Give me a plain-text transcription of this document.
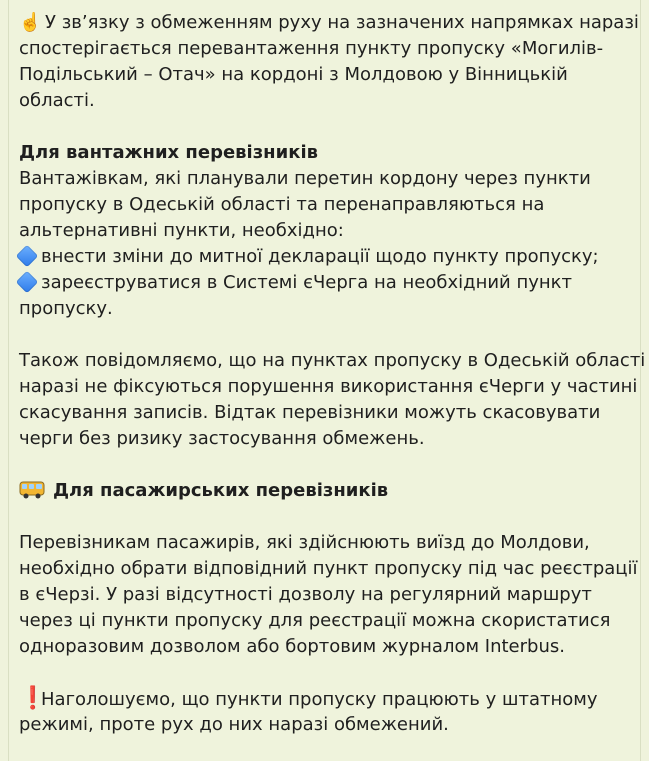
☝️ У зв’язку з обмеженням руху на зазначених напрямках наразі
спостерігається перевантаження пункту пропуску «Могилів-
Подільський – Отач» на кордоні з Молдовою у Вінницькій
області.
Для вантажних перевізників
Вантажівкам, які планували перетин кордону через пункти
пропуску в Одеській області та перенаправляються на
альтернативні пункти, необхідно:
внести зміни до митної декларації щодо пункту пропуску;
зареєструватися в Системі єЧерга на необхідний пункт
пропуску.
Також повідомляємо, що на пунктах пропуску в Одеській області
наразі не фіксуються порушення використання єЧерги у частині
скасування записів. Відтак перевізники можуть скасовувати
черги без ризику застосування обмежень.
Для пасажирських перевізників
Перевізникам пасажирів, які здійснюють виїзд до Молдови,
необхідно обрати відповідний пункт пропуску під час реєстрації
в єЧерзі. У разі відсутності дозволу на регулярний маршрут
через ці пункти пропуску для реєстрації можна скористатися
одноразовим дозволом або бортовим журналом Interbus.
❗Наголошуємо, що пункти пропуску працюють у штатному
режимі, проте рух до них наразі обмежений.
